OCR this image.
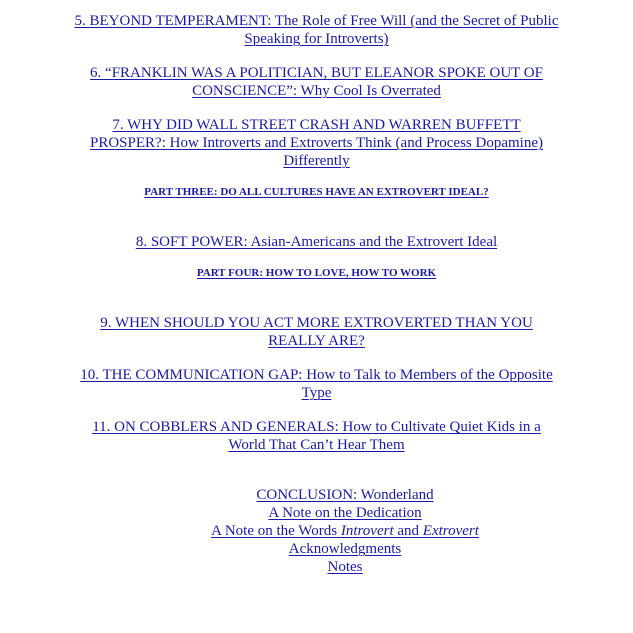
5. BEYOND TEMPERAMENT: The Role of Free Will (and the Secret of Public
Speaking for Introverts)
6. “FRANKLIN WAS A POLITICIAN, BUT ELEANOR SPOKE OUT OF
CONSCIENCE”: Why Cool Is Overrated
7. WHY DID WALL STREET CRASH AND WARREN BUFFETT
PROSPER?: How Introverts and Extroverts Think (and Process Dopamine)
Differently
PART THREE: DO ALL CULTURES HAVE AN EXTROVERT IDEAL?
8. SOFT POWER: Asian-Americans and the Extrovert Ideal
PART FOUR: HOW TO LOVE, HOW TO WORK
9. WHEN SHOULD YOU ACT MORE EXTROVERTED THAN YOU
REALLY ARE?
10. THE COMMUNICATION GAP: How to Talk to Members of the Opposite
Type
11. ON COBBLERS AND GENERALS: How to Cultivate Quiet Kids in a
World That Can’t Hear Them
CONCLUSION: Wonderland
A Note on the Dedication
A Note on the Words Introvert and Extrovert
Acknowledgments
Notes
